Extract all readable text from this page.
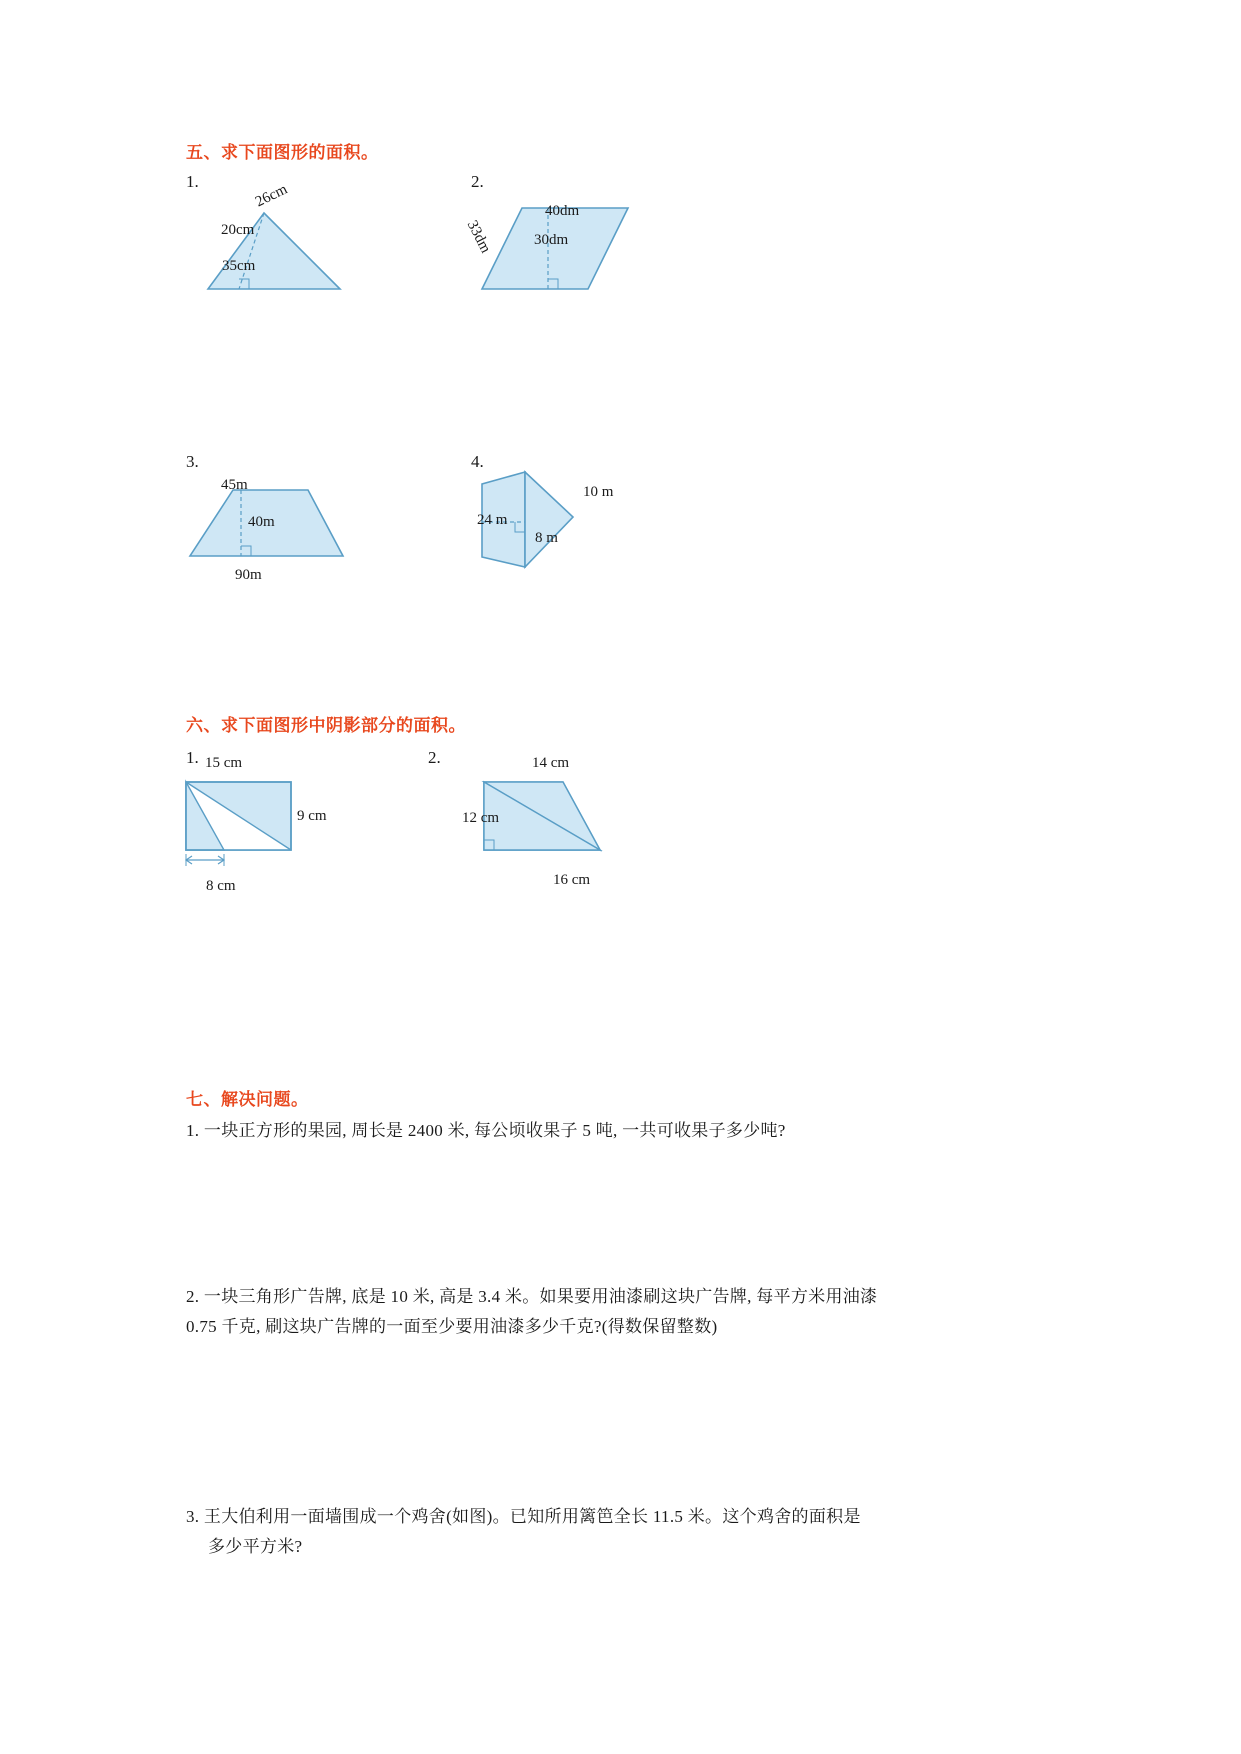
五、求下面图形的面积。
1.	26cm
20cm
35cm
2.
40dm
33dm	30dm
3.
45m
40m
90m
4.
24 m
10 m
8 m
六、求下面图形中阴影部分的面积。
1. 15 cm
9 cm
8 cm
2.	14 cm
12 cm
16 cm
七、解决问题。
1. 一块正方形的果园, 周长是 2400 米, 每公顷收果子 5 吨, 一共可收果子多少吨?
2. 一块三角形广告牌, 底是 10 米, 高是 3.4 米。如果要用油漆刷这块广告牌, 每平方米用油漆
0.75 千克, 刷这块广告牌的一面至少要用油漆多少千克?(得数保留整数)
3. 王大伯利用一面墙围成一个鸡舍(如图)。已知所用篱笆全长 11.5 米。这个鸡舍的面积是
多少平方米?
